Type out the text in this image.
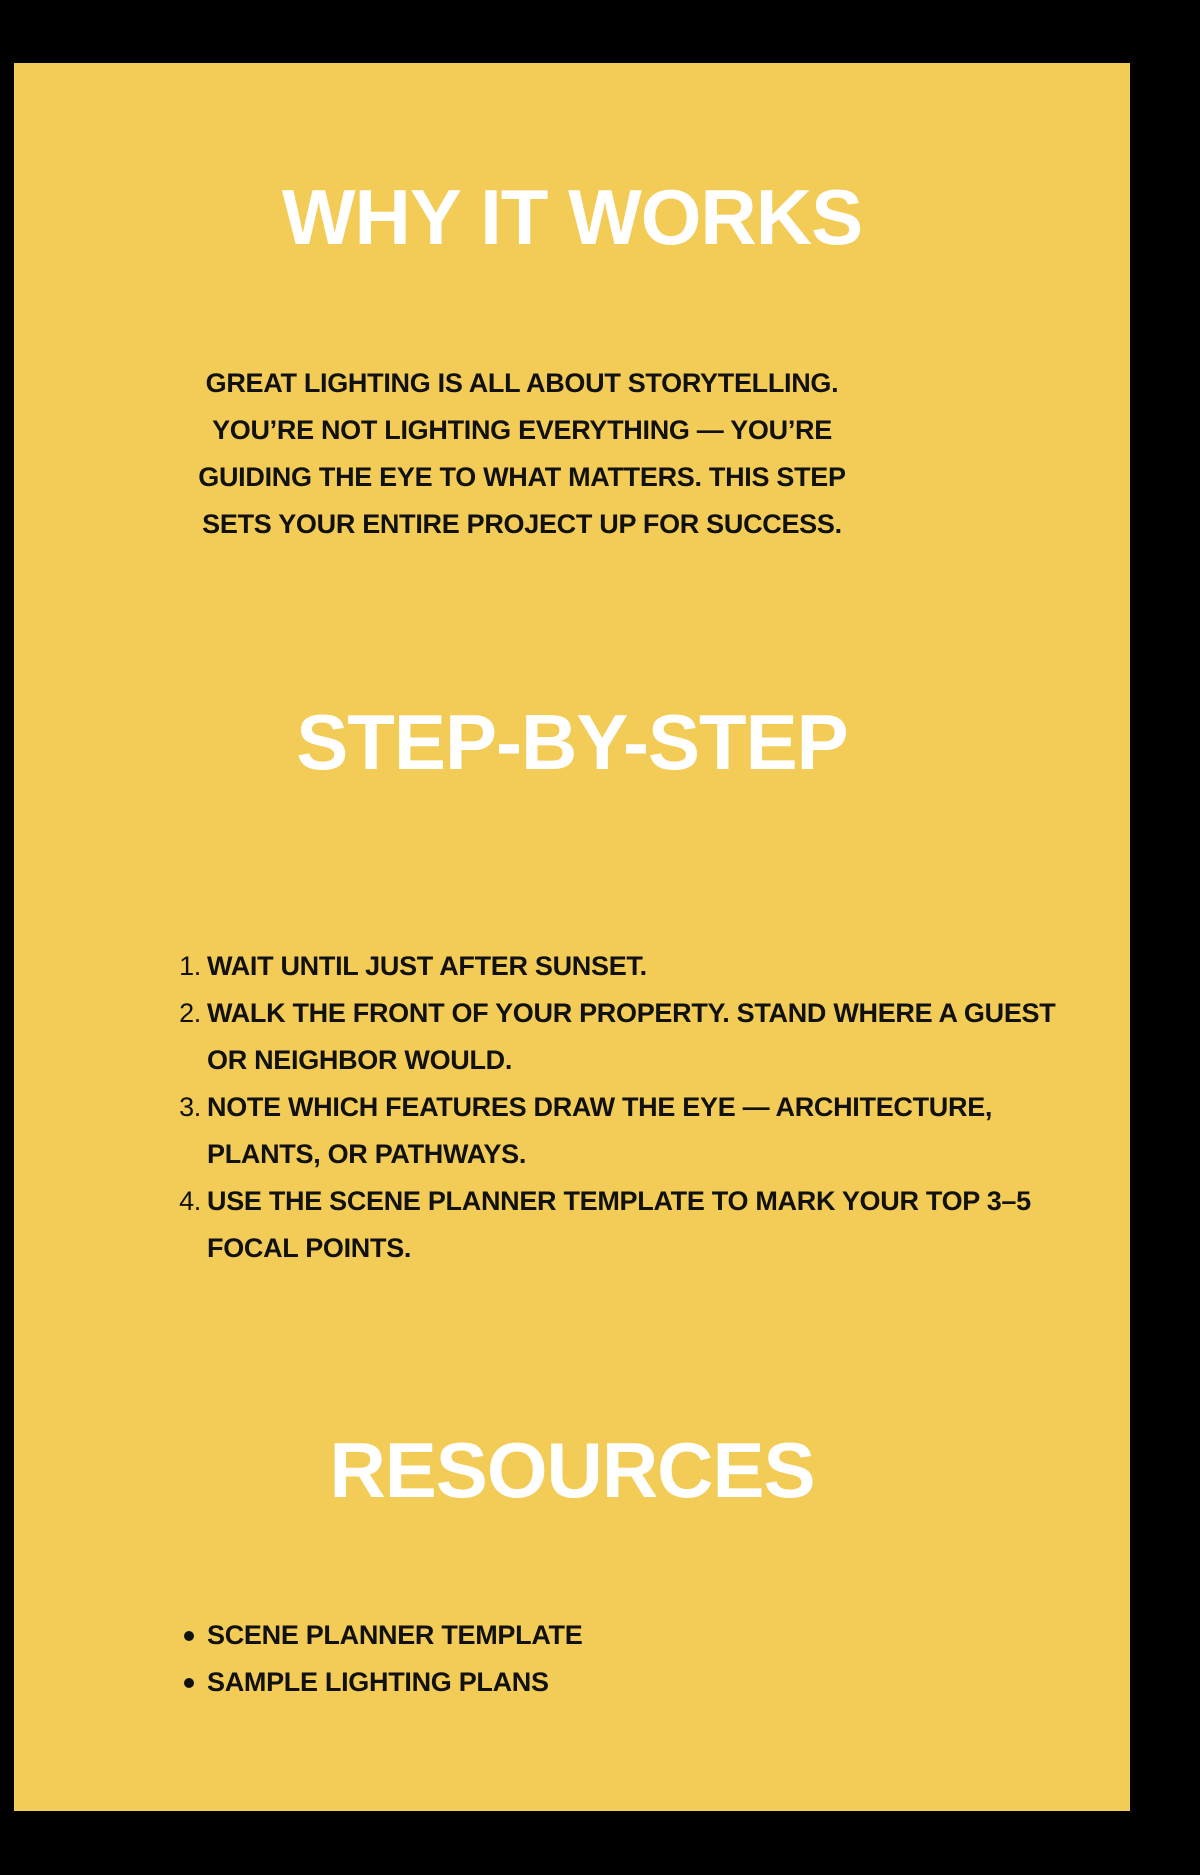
WHY IT WORKS

GREAT LIGHTING IS ALL ABOUT STORYTELLING. YOU’RE NOT LIGHTING EVERYTHING — YOU’RE GUIDING THE EYE TO WHAT MATTERS. THIS STEP SETS YOUR ENTIRE PROJECT UP FOR SUCCESS.

STEP-BY-STEP
1. WAIT UNTIL JUST AFTER SUNSET.
2. WALK THE FRONT OF YOUR PROPERTY. STAND WHERE A GUEST OR NEIGHBOR WOULD.
3. NOTE WHICH FEATURES DRAW THE EYE — ARCHITECTURE, PLANTS, OR PATHWAYS.
4. USE THE SCENE PLANNER TEMPLATE TO MARK YOUR TOP 3–5 FOCAL POINTS.
RESOURCES
SCENE PLANNER TEMPLATE
SAMPLE LIGHTING PLANS
